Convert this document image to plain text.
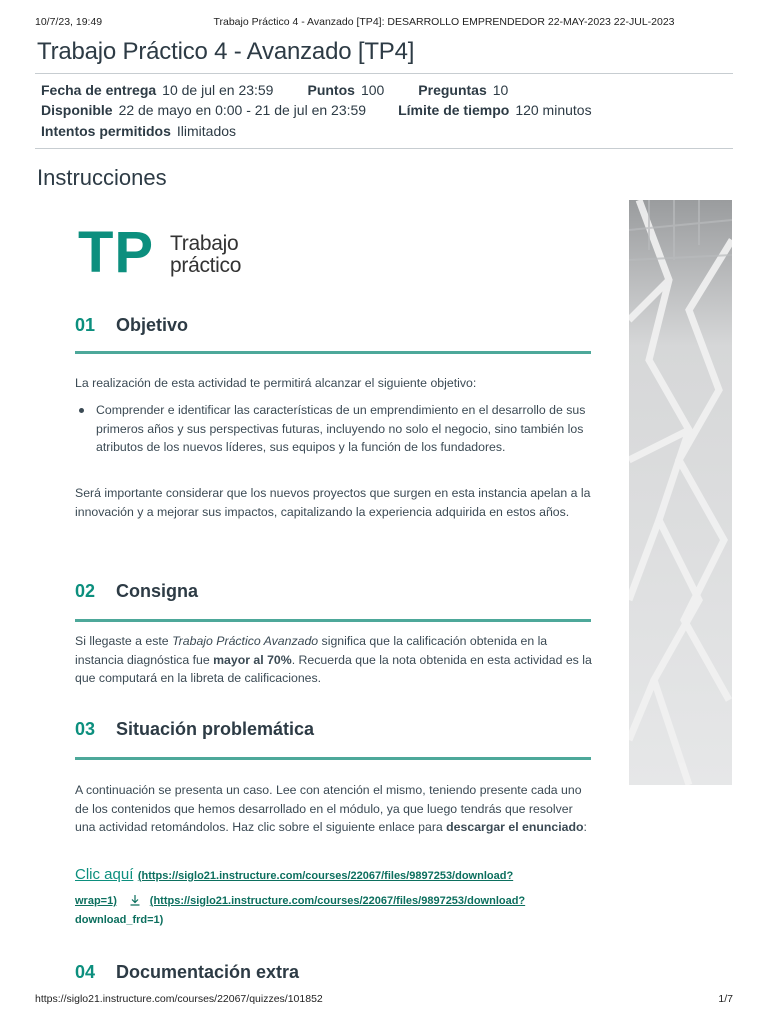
10/7/23, 19:49	Trabajo Práctico 4 - Avanzado [TP4]: DESARROLLO EMPRENDEDOR 22-MAY-2023 22-JUL-2023
Trabajo Práctico 4 - Avanzado [TP4]
Fecha de entrega 10 de jul en 23:59 Puntos 100 Preguntas 10
Disponible 22 de mayo en 0:00 - 21 de jul en 23:59 Límite de tiempo 120 minutos
Intentos permitidos Ilimitados
Instrucciones
TP Trabajo
práctico
01 Objetivo

La realización de esta actividad te permitirá alcanzar el siguiente objetivo:

Comprender e identificar las características de un emprendimiento en el desarrollo de sus primeros años y sus perspectivas futuras, incluyendo no solo el negocio, sino también los atributos de los nuevos líderes, sus equipos y la función de los fundadores.

Será importante considerar que los nuevos proyectos que surgen en esta instancia apelan a la innovación y a mejorar sus impactos, capitalizando la experiencia adquirida en estos años.

02 Consigna

Si llegaste a este Trabajo Práctico Avanzado significa que la calificación obtenida en la instancia diagnóstica fue mayor al 70%. Recuerda que la nota obtenida en esta actividad es la que computará en la libreta de calificaciones.

03 Situación problemática

A continuación se presenta un caso. Lee con atención el mismo, teniendo presente cada uno de los contenidos que hemos desarrollado en el módulo, ya que luego tendrás que resolver una actividad retomándolos. Haz clic sobre el siguiente enlace para descargar el enunciado:

Clic aquí (https://siglo21.instructure.com/courses/22067/files/9897253/download?
wrap=1)	(https://siglo21.instructure.com/courses/22067/files/9897253/download?
download_frd=1)
04 Documentación extra
https://siglo21.instructure.com/courses/22067/quizzes/101852	1/7
